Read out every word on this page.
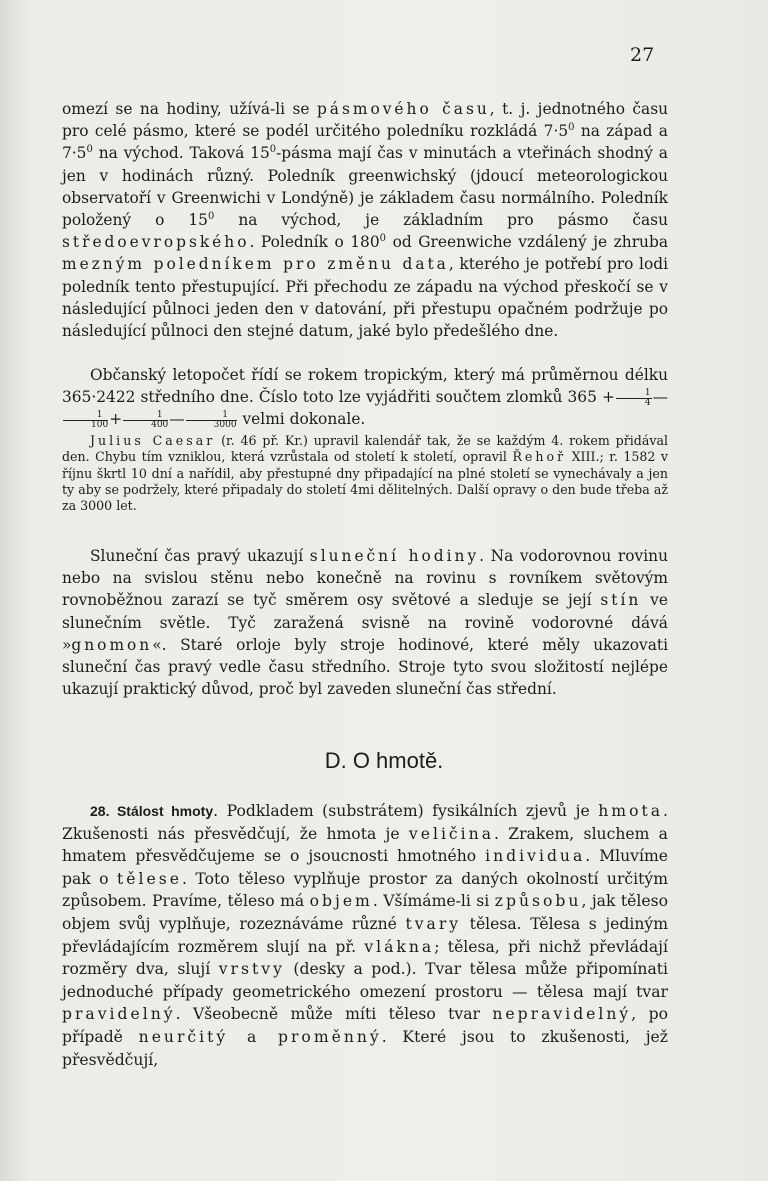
27

omezí se na hodiny, užívá-li se pásmového času, t. j. jednotného času pro celé pásmo, které se podél určitého poledníku rozkládá $7\cdot 5^0$ na západ a $7\cdot 5^0$ na východ. Taková $15^0$-pásma mají čas v minutách a vteřinách shodný a jen v hodinách různý. Poledník greenwichský (jdoucí meteorologickou observatoří v Greenwichi v Londýně) je základem času normálního. Poledník položený o $15^0$ na východ, je základním pro pásmo času středoevropského. Poledník o $180^0$ od Greenwiche vzdálený je zhruba mezným poledníkem pro změnu data, kterého je potřebí pro lodi poledník tento přestupující. Při přechodu ze západu na východ přeskočí se v následující půlnoci jeden den v datování, při přestupu opačném podržuje po následující půlnoci den stejné datum, jaké bylo předešlého dne.

Občanský letopočet řídí se rokem tropickým, který má průměrnou délku 365·2422 středního dne. Číslo toto lze vyjádřiti součtem zlomků $365 + \frac{1}{4}$ —
$\frac{1}{100} + \frac{1}{400}$ — $\frac{1}{3000}$ velmi dokonale.

Julius Caesar (r. 46 př. Kr.) upravil kalendář tak, že se každým 4. rokem přidával den. Chybu tím vzniklou, která vzrůstala od století k století, opravil Řehoř XIII.; r. 1582 v říjnu škrtl 10 dní a nařídil, aby přestupné dny připadající na plné století se vynechávaly a jen ty aby se podržely, které připadaly do století 4mi dělitelných. Další opravy o den bude třeba až za 3000 let.

Sluneční čas pravý ukazují sluneční hodiny. Na vodorovnou rovinu nebo na svislou stěnu nebo konečně na rovinu s rovníkem světovým rovnoběžnou zarazí se tyč směrem osy světové a sleduje se její stín ve slunečním světle. Tyč zaražená svisně na rovině vodorovné dává »gnomon«. Staré orloje byly stroje hodinové, které měly ukazovati sluneční čas pravý vedle času středního. Stroje tyto svou složitostí nejlépe ukazují praktický důvod, proč byl zaveden sluneční čas střední.

D. O hmotě.

28. Stálost hmoty. Podkladem (substrátem) fysikálních zjevů je hmota. Zkušenosti nás přesvědčují, že hmota je veličina. Zrakem, sluchem a hmatem přesvědčujeme se o jsoucnosti hmotného individua. Mluvíme pak o tělese. Toto těleso vyplňuje prostor za daných okolností určitým způsobem. Pravíme, těleso má objem. Všímáme-li si způsobu, jak těleso objem svůj vyplňuje, rozeznáváme různé tvary tělesa. Tělesa s jediným převládajícím rozměrem slují na př. vlákna; tělesa, při nichž převládají rozměry dva, slují vrstvy (desky a pod.). Tvar tělesa může připomínati jednoduché případy geometrického omezení prostoru — tělesa mají tvar pravidelný. Všeobecně může míti těleso tvar nepravidelný, po případě neurčitý a proměnný. Které jsou to zkušenosti, jež přesvědčují,
